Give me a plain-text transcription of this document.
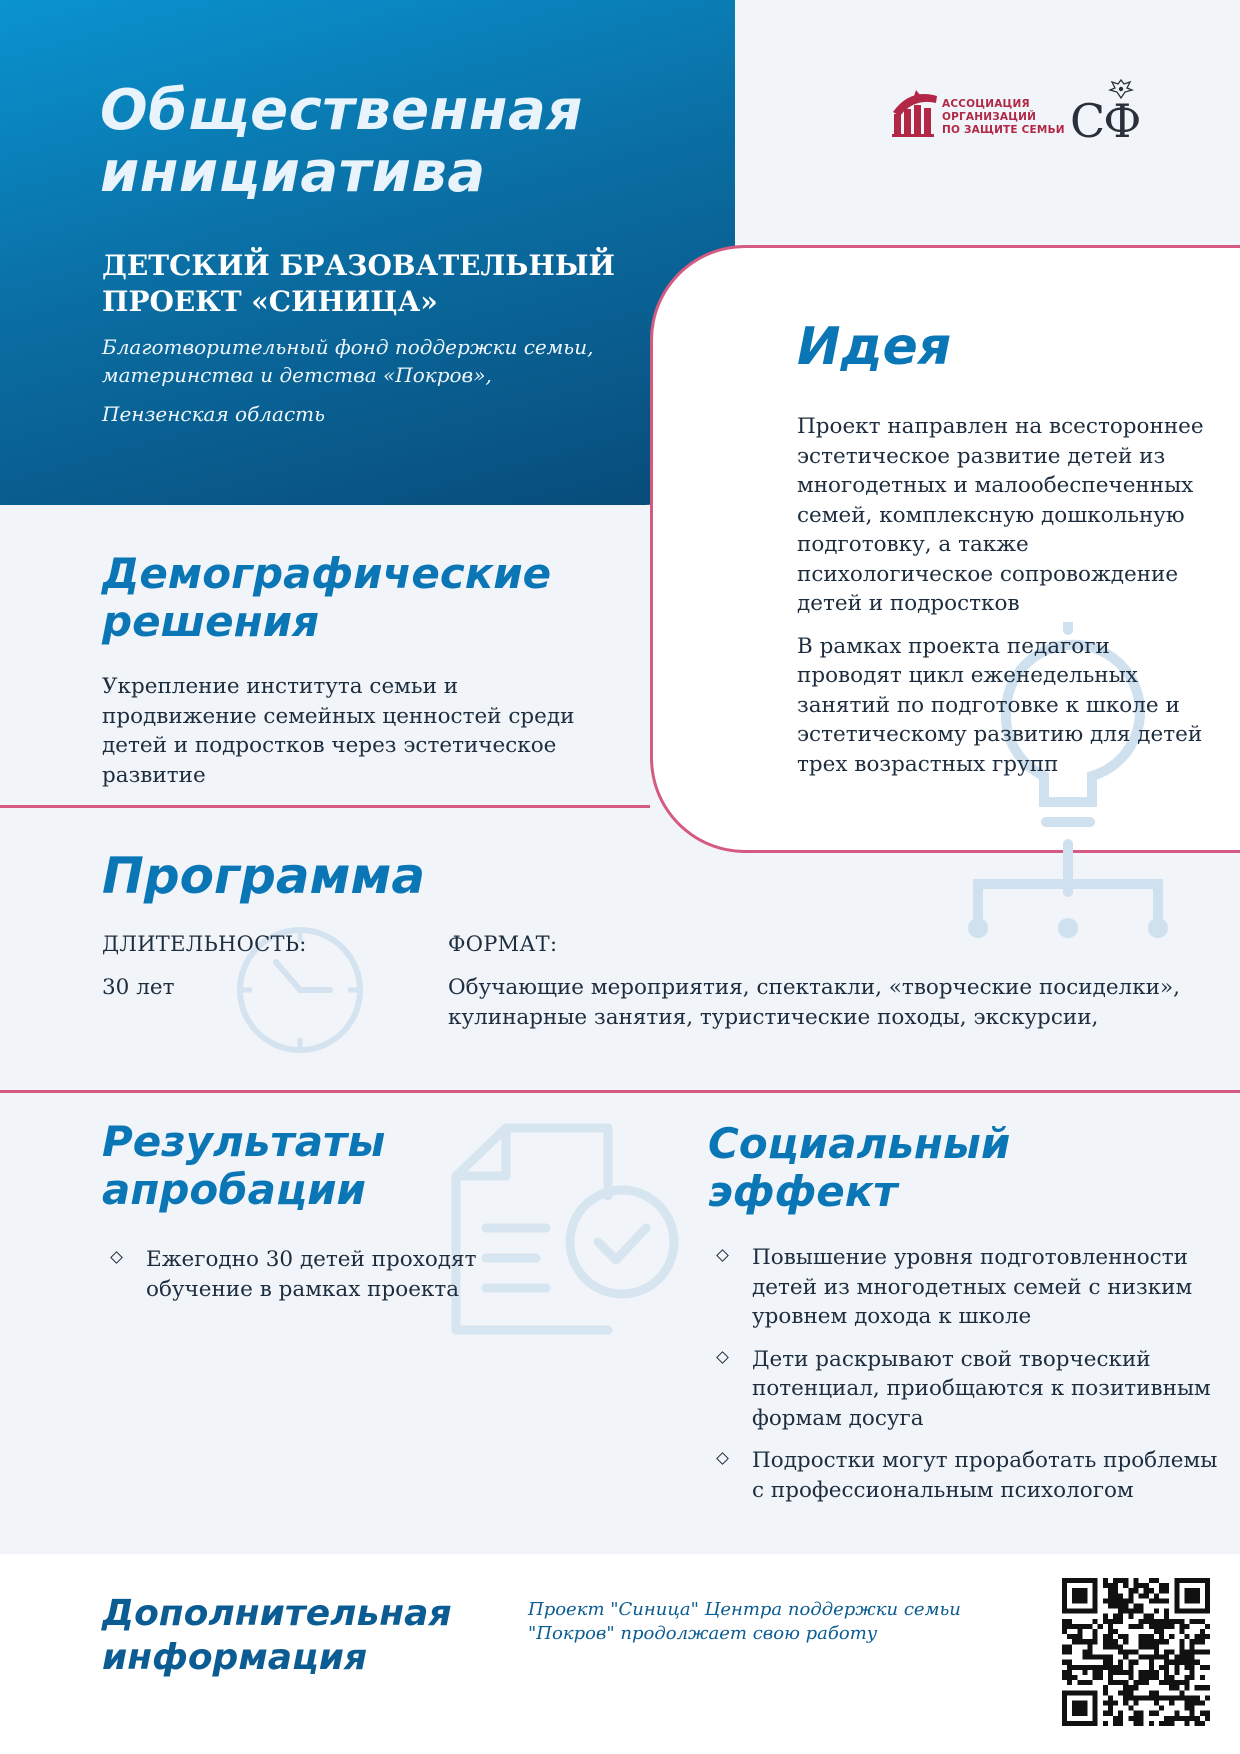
Общественная
инициатива
ДЕТСКИЙ БРАЗОВАТЕЛЬНЫЙ
ПРОЕКТ «СИНИЦА»
Благотворительный фонд поддержки семьи,
материнства и детства «Покров»,
Пензенская область
АССОЦИАЦИЯ
ОРГАНИЗАЦИЙ
ПО ЗАЩИТЕ СЕМЬИ СФ
Идея

Проект направлен на всестороннее эстетическое развитие детей из многодетных и малообеспеченных семей, комплексную дошкольную подготовку, а также психологическое сопровождение детей и подростков

В рамках проекта педагоги проводят цикл еженедельных занятий по подготовке к школе и эстетическому развитию для детей трех возрастных групп

Демографические
решения
Укрепление института семьи и продвижение семейных ценностей среди детей и подростков через эстетическое развитие
Программа
ДЛИТЕЛЬНОСТЬ:
30 лет
ФОРМАТ:
Обучающие мероприятия, спектакли, «творческие посиделки», кулинарные занятия, туристические походы, экскурсии,
Результаты
апробации
Ежегодно 30 детей проходят обучение в рамках проекта
Социальный
эффект
Повышение уровня подготовленности детей из многодетных семей с низким уровнем дохода к школе
Дети раскрывают свой творческий потенциал, приобщаются к позитивным формам досуга
Подростки могут проработать проблемы с профессиональным психологом
Дополнительная
информация
Проект "Синица" Центра поддержки семьи
"Покров" продолжает свою работу
